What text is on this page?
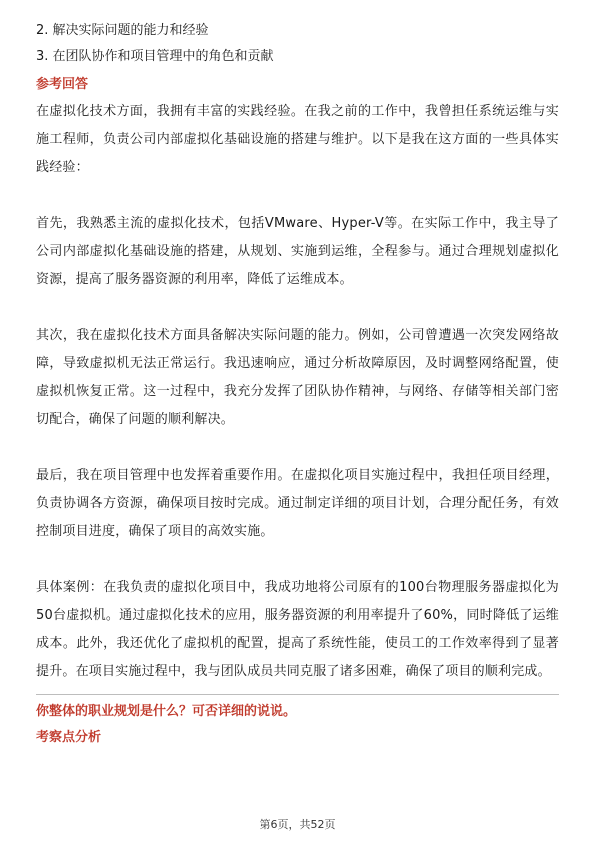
2. 解决实际问题的能力和经验
3. 在团队协作和项目管理中的角色和贡献
参考回答

在虚拟化技术方面，我拥有丰富的实践经验。在我之前的工作中，我曾担任系统运维与实施工程师，负责公司内部虚拟化基础设施的搭建与维护。以下是我在这方面的一些具体实践经验：

首先，我熟悉主流的虚拟化技术，包括VMware、Hyper-V等。在实际工作中，我主导了公司内部虚拟化基础设施的搭建，从规划、实施到运维，全程参与。通过合理规划虚拟化资源，提高了服务器资源的利用率，降低了运维成本。

其次，我在虚拟化技术方面具备解决实际问题的能力。例如，公司曾遭遇一次突发网络故障，导致虚拟机无法正常运行。我迅速响应，通过分析故障原因，及时调整网络配置，使虚拟机恢复正常。这一过程中，我充分发挥了团队协作精神，与网络、存储等相关部门密切配合，确保了问题的顺利解决。

最后，我在项目管理中也发挥着重要作用。在虚拟化项目实施过程中，我担任项目经理，负责协调各方资源，确保项目按时完成。通过制定详细的项目计划，合理分配任务，有效控制项目进度，确保了项目的高效实施。

具体案例：在我负责的虚拟化项目中，我成功地将公司原有的100台物理服务器虚拟化为50台虚拟机。通过虚拟化技术的应用，服务器资源的利用率提升了60%，同时降低了运维成本。此外，我还优化了虚拟机的配置，提高了系统性能，使员工的工作效率得到了显著提升。在项目实施过程中，我与团队成员共同克服了诸多困难，确保了项目的顺利完成。

你整体的职业规划是什么？可否详细的说说。
考察点分析
第6页，共52页
